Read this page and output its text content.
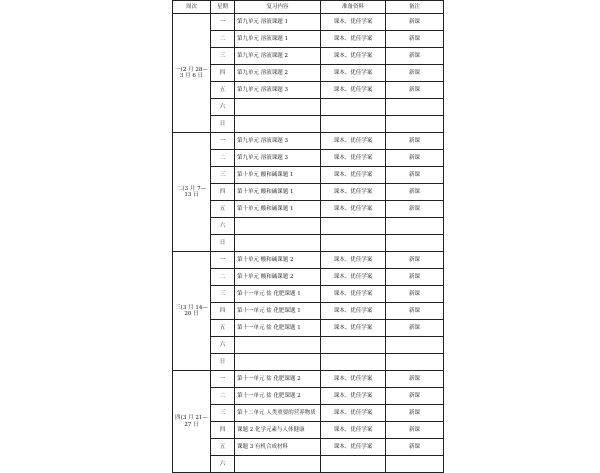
周次	星期	复习内容	准备资料	备注
一(2 月 28—3 月 6 日	一	第九单元 溶液课题 1	课本、优佳学案	新课
	二	第九单元 溶液课题 1	课本、优佳学案	新课
	三	第九单元 溶液课题 2	课本、优佳学案	新课
	四	第九单元 溶液课题 2	课本、优佳学案	新课
	五	第九单元 溶液课题 3	课本、优佳学案	新课
	六			
	日			
二(3 月 7—13 日	一	第九单元 溶液课题 3	课本、优佳学案	新课
	二	第九单元 溶液课题 3	课本、优佳学案	新课
	三	第十单元 酸和碱课题 1	课本、优佳学案	新课
	四	第十单元 酸和碱课题 1	课本、优佳学案	新课
	五	第十单元 酸和碱课题 1	课本、优佳学案	新课
	六			
	日			
三(3 月 14—20 日	一	第十单元 酸和碱课题 2	课本、优佳学案	新课
	二	第十单元 酸和碱课题 2	课本、优佳学案	新课
	三	第十一单元 盐 化肥课题 1	课本、优佳学案	新课
	四	第十一单元 盐 化肥课题 1	课本、优佳学案	新课
	五	第十一单元 盐 化肥课题 1	课本、优佳学案	新课
	六			
	日			
四(3 月 21—27 日	一	第十一单元 盐 化肥课题 2	课本、优佳学案	新课
	二	第十一单元 盐 化肥课题 2	课本、优佳学案	新课
	三	第十二单元 人类重要的营养物质	课本、优佳学案	新课
	四	课题 2 化学元素与人体健康	课本、优佳学案	新课
	五	课题 3 有机合成材料	课本、优佳学案	新课
	六			
